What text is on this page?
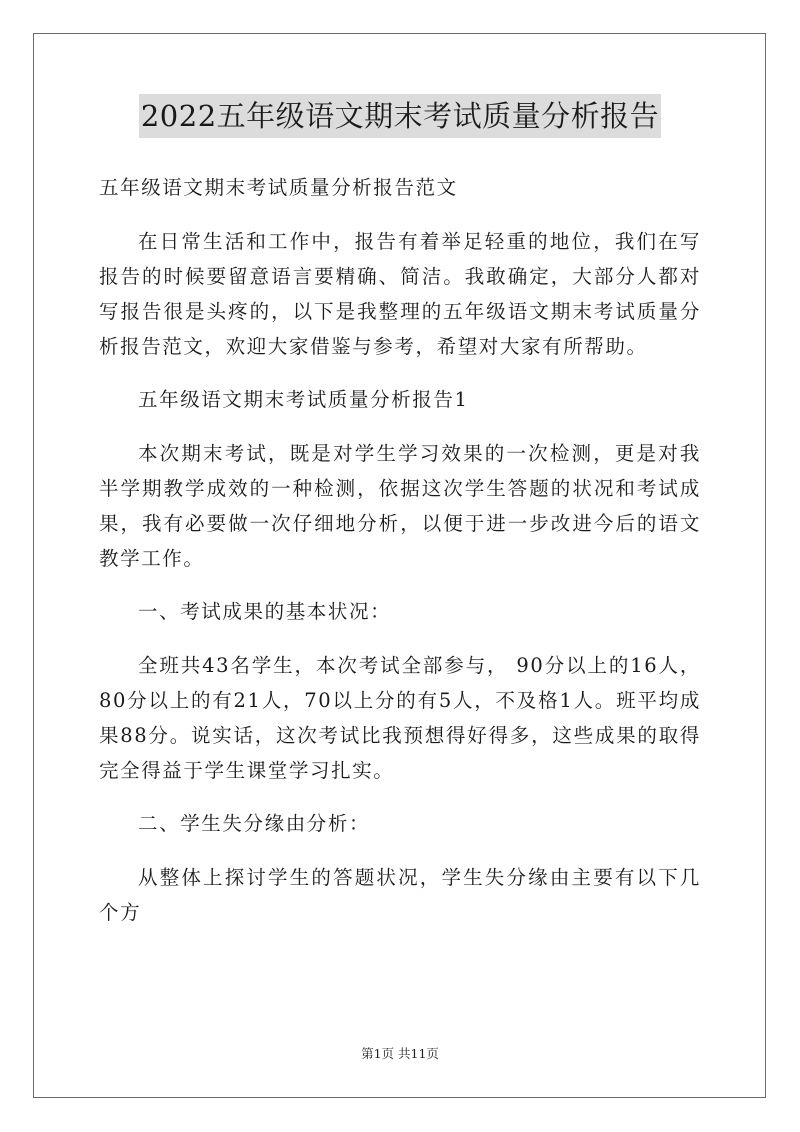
2022五年级语文期末考试质量分析报告

五年级语文期末考试质量分析报告范文

在日常生活和工作中，报告有着举足轻重的地位，我们在写报告的时候要留意语言要精确、简洁。我敢确定，大部分人都对写报告很是头疼的，以下是我整理的五年级语文期末考试质量分析报告范文，欢迎大家借鉴与参考，希望对大家有所帮助。

五年级语文期末考试质量分析报告1

本次期末考试，既是对学生学习效果的一次检测，更是对我半学期教学成效的一种检测，依据这次学生答题的状况和考试成果，我有必要做一次仔细地分析，以便于进一步改进今后的语文教学工作。

一、考试成果的基本状况：

全班共43名学生，本次考试全部参与， 90分以上的16人，80分以上的有21人，70以上分的有5人，不及格1人。班平均成果88分。说实话，这次考试比我预想得好得多，这些成果的取得完全得益于学生课堂学习扎实。

二、学生失分缘由分析：

从整体上探讨学生的答题状况，学生失分缘由主要有以下几个方

第1页 共11页
